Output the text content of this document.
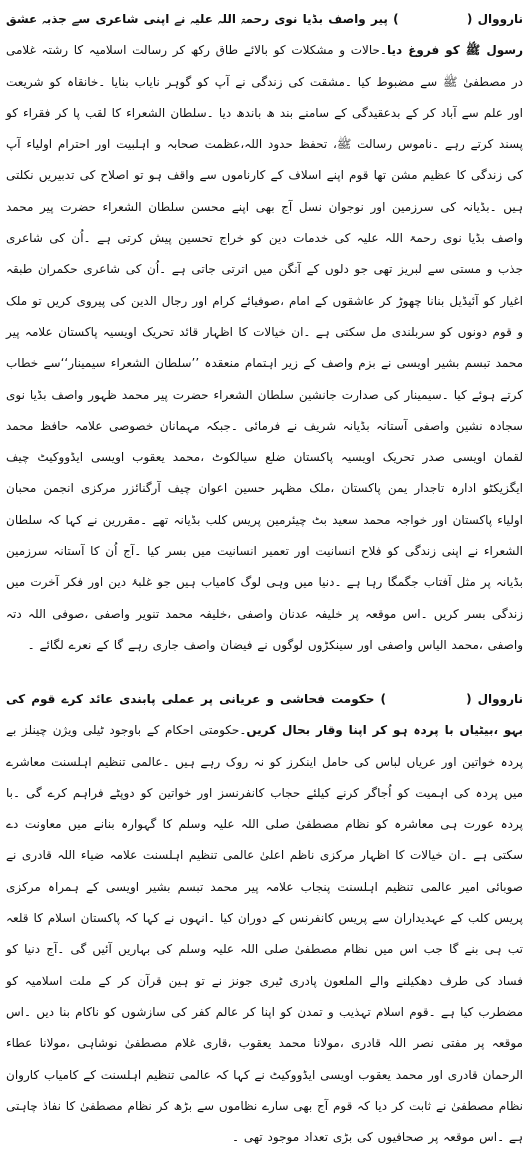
نارووال (              ) پیر واصف بڈیا نوی رحمۃ اللہ علیہ نے اپنی شاعری سے جذبہ عشق رسول ﷺ کو فروغ دیا۔حالات و مشکلات کو بالائے طاق رکھ کر رسالت اسلامیہ کا رشتہ غلامی در مصطفیٰ ﷺ سے مضبوط کیا ۔مشقت کی زندگی نے آپ کو گوہر نایاب بنایا ۔خانقاہ کو شریعت اور علم سے آباد کر کے بدعقیدگی کے سامنے بند ھ باندھ دیا ۔سلطان الشعراء کا لقب پا کر فقراء کو پسند کرتے رہے ۔ناموس رسالت ﷺ، تحفظ حدود اللہ،عظمت صحابہ و اہلبیت اور احترام اولیاء آپ کی زندگی کا عظیم مشن تھا قوم اپنے اسلاف کے کارناموں سے واقف ہو تو اصلاح کی تدبیریں نکلتی ہیں ۔بڈیانہ کی سرزمین اور نوجوان نسل آج بھی اپنے محسن سلطان الشعراء حضرت پیر محمد واصف بڈیا نوی رحمۃ اللہ علیہ کی خدمات دین کو خراج تحسین پیش کرتی ہے ۔اُن کی شاعری جذب و مستی سے لبریز تھی جو دلوں کے آنگن میں اترتی جاتی ہے ۔اُن کی شاعری حکمران طبقہ اغیار کو آئیڈیل بنانا چھوڑ کر عاشقوں کے امام ،صوفیائے کرام اور رجال الدین کی پیروی کریں تو ملک و قوم دونوں کو سربلندی مل سکتی ہے ۔ان خیالات کا اظہار قائد تحریک اویسیہ پاکستان علامہ پیر محمد تبسم بشیر اویسی نے بزم واصف کے زیر اہتمام منعقدہ ’’سلطان الشعراء سیمینار‘‘سے خطاب کرتے ہوئے کیا ۔سیمینار کی صدارت جانشین سلطان الشعراء حضرت پیر محمد ظہور واصف بڈیا نوی سجادہ نشین واصفی آستانہ بڈیانہ شریف نے فرمائی ۔جبکہ مہمانان خصوصی علامہ حافظ محمد لقمان اویسی صدر تحریک اویسیہ پاکستان ضلع سیالکوٹ ،محمد یعقوب اویسی ایڈووکیٹ چیف ایگزیکٹو ادارہ تاجدار یمن پاکستان ،ملک مظہر حسین اعوان چیف آرگنائزر مرکزی انجمن محبان اولیاء پاکستان اور خواجہ محمد سعید بٹ چیئرمین پریس کلب بڈیانہ تھے ۔مقررین نے کہا کہ سلطان الشعراء نے اپنی زندگی کو فلاح انسانیت اور تعمیر انسانیت میں بسر کیا ۔آج اُن کا آستانہ سرزمین بڈیانہ پر مثل آفتاب جگمگا رہا ہے ۔دنیا میں وہی لوگ کامیاب ہیں جو غلبۂ دین اور فکر آخرت میں زندگی بسر کریں ۔اس موقعہ پر خلیفہ عدنان واصفی ،خلیفہ محمد تنویر واصفی ،صوفی اللہ دتہ واصفی ،محمد الیاس واصفی اور سینکڑوں لوگوں نے فیضان واصف جاری رہے گا کے نعرے لگائے ۔

نارووال (              ) حکومت فحاشی و عریانی پر عملی پابندی عائد کرے قوم کی بہو ،بیٹیاں با پردہ ہو کر اپنا وقار بحال کریں۔حکومتی احکام کے باوجود ٹیلی ویژن چینلز بے پردہ خواتین اور عریاں لباس کی حامل اینکرز کو نہ روک رہے ہیں ۔عالمی تنظیم اہلسنت معاشرے میں پردہ کی اہمیت کو اُجاگر کرنے کیلئے حجاب کانفرنسز اور خواتین کو دوپٹے فراہم کرے گی ۔با پردہ عورت ہی معاشرہ کو نظام مصطفیٰ صلی اللہ علیہ وسلم کا گہوارہ بنانے میں معاونت دے سکتی ہے ۔ان خیالات کا اظہار مرکزی ناظم اعلیٰ عالمی تنظیم اہلسنت علامہ ضیاء اللہ قادری نے صوبائی امیر عالمی تنظیم اہلسنت پنجاب علامہ پیر محمد تبسم بشیر اویسی کے ہمراہ مرکزی پریس کلب کے عہدیداران سے پریس کانفرنس کے دوران کیا ۔انہوں نے کہا کہ پاکستان اسلام کا قلعہ تب ہی بنے گا جب اس میں نظام مصطفیٰ صلی اللہ علیہ وسلم کی بہاریں آئیں گی ۔آج دنیا کو فساد کی طرف دھکیلنے والے الملعون پادری ٹیری جونز نے تو ہین قرآن کر کے ملت اسلامیہ کو مضطرب کیا ہے ۔قوم اسلام تہذیب و تمدن کو اپنا کر عالم کفر کی سازشوں کو ناکام بنا دیں ۔اس موقعہ پر مفتی نصر اللہ قادری ،مولانا محمد یعقوب ،قاری غلام مصطفیٰ نوشاہی ،مولانا عطاء الرحمان قادری اور محمد یعقوب اویسی ایڈووکیٹ نے کہا کہ عالمی تنظیم اہلسنت کے کامیاب کاروان نظام مصطفیٰ نے ثابت کر دیا کہ قوم آج بھی سارے نظاموں سے بڑھ کر نظام مصطفیٰ کا نفاذ چاہتی ہے ۔اس موقعہ پر صحافیوں کی بڑی تعداد موجود تھی ۔
